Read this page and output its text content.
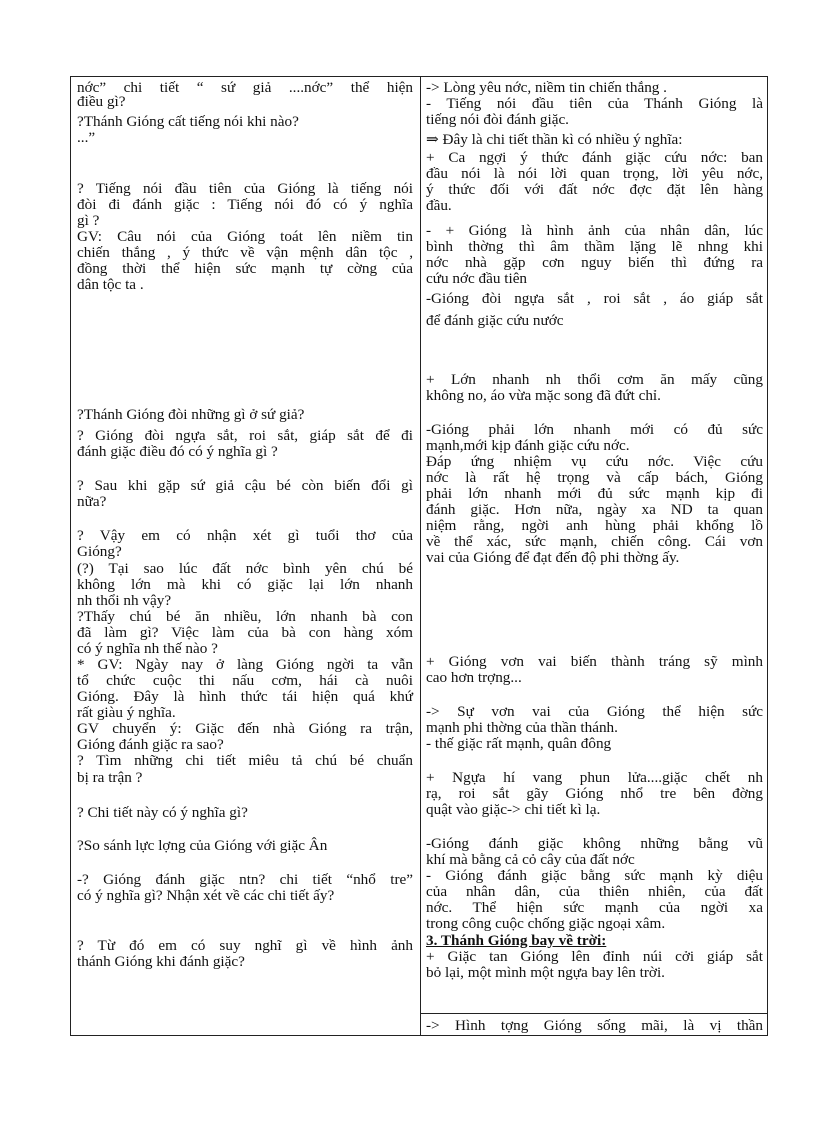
nớc” chi tiết “ sứ giả ....nớc” thể hiện
điều gì?
?Thánh Gióng cất tiếng nói khi nào?
...”
? Tiếng nói đầu tiên của Gióng là tiếng nói
đòi đi đánh giặc : Tiếng nói đó có ý nghĩa
gì ?
GV: Câu nói của Gióng toát lên niềm tin
chiến thắng , ý thức về vận mệnh dân tộc ,
đồng thời thể hiện sức mạnh tự cờng của
dân tộc ta .
?Thánh Gióng đòi những gì ở sứ giả?
? Gióng đòi ngựa sắt, roi sắt, giáp sắt để đi
đánh giặc điều đó có ý nghĩa gì ?
? Sau khi gặp sứ giả cậu bé còn biến đổi gì
nữa?
? Vậy em có nhận xét gì tuổi thơ của
Gióng?
(?) Tại sao lúc đất nớc bình yên chú bé
không lớn mà khi có giặc lại lớn nhanh
nh thổi nh vậy?
?Thấy chú bé ăn nhiều, lớn nhanh bà con
đã làm gì? Việc làm của bà con hàng xóm
có ý nghĩa nh thế nào ?
* GV: Ngày nay ở làng Gióng ngời ta vẫn
tổ chức cuộc thi nấu cơm, hái cà nuôi
Gióng. Đây là hình thức tái hiện quá khứ
rất giàu ý nghĩa.
GV chuyển ý: Giặc đến nhà Gióng ra trận,
Gióng đánh giặc ra sao?
? Tìm những chi tiết miêu tả chú bé chuẩn
bị ra trận ?
? Chi tiết này có ý nghĩa gì?
?So sánh lực lợng của Gióng với giặc Ân
-? Gióng đánh giặc ntn? chi tiết “nhổ tre”
có ý nghĩa gì? Nhận xét về các chi tiết ấy?
? Từ đó em có suy nghĩ gì về hình ảnh
thánh Gióng khi đánh giặc?
-> Lòng yêu nớc, niềm tin chiến thắng .
- Tiếng nói đầu tiên của Thánh Gióng là
tiếng nói đòi đánh giặc.
⇒ Đây là chi tiết thần kì có nhiều ý nghĩa:
+ Ca ngợi ý thức đánh giặc cứu nớc: ban
đầu nói là nói lời quan trọng, lời yêu nớc,
ý thức đối với đất nớc đợc đặt lên hàng
đầu.
- + Gióng là hình ảnh của nhân dân, lúc
bình thờng thì âm thầm lặng lẽ nhng khi
nớc nhà gặp cơn nguy biến thì đứng ra
cứu nớc đầu tiên
-Gióng đòi ngựa sắt , roi sắt , áo giáp sắt
để đánh giặc cứu nước
+ Lớn nhanh nh thổi cơm ăn mấy cũng
không no, áo vừa mặc song đã đứt chỉ.
-Gióng phải lớn nhanh mới có đủ sức
mạnh,mới kịp đánh giặc cứu nớc.
Đáp ứng nhiệm vụ cứu nớc. Việc cứu
nớc là rất hệ trọng và cấp bách, Gióng
phải lớn nhanh mới đủ sức mạnh kịp đi
đánh giặc. Hơn nữa, ngày xa ND ta quan
niệm rằng, ngời anh hùng phải khổng lồ
về thể xác, sức mạnh, chiến công. Cái vơn
vai của Gióng để đạt đến độ phi thờng ấy.
+ Gióng vơn vai biến thành tráng sỹ mình
cao hơn trợng...
-> Sự vơn vai của Gióng thể hiện sức
mạnh phi thờng của thần thánh.
- thế giặc rất mạnh, quân đông
+ Ngựa hí vang phun lửa....giặc chết nh
rạ, roi sắt gãy Gióng nhổ tre bên đờng
quật vào giặc-> chi tiết kì lạ.
-Gióng đánh giặc không những bằng vũ
khí mà bằng cả cỏ cây của đất nớc
- Gióng đánh giặc bằng sức mạnh kỳ diệu
của nhân dân, của thiên nhiên, của đất
nớc. Thể hiện sức mạnh của ngời xa
trong công cuộc chống giặc ngoại xâm.
3. Thánh Gióng bay về trời:
+ Giặc tan Gióng lên đỉnh núi cởi giáp sắt
bỏ lại, một mình một ngựa bay lên trời.
-> Hình tợng Gióng sống mãi, là vị thần
